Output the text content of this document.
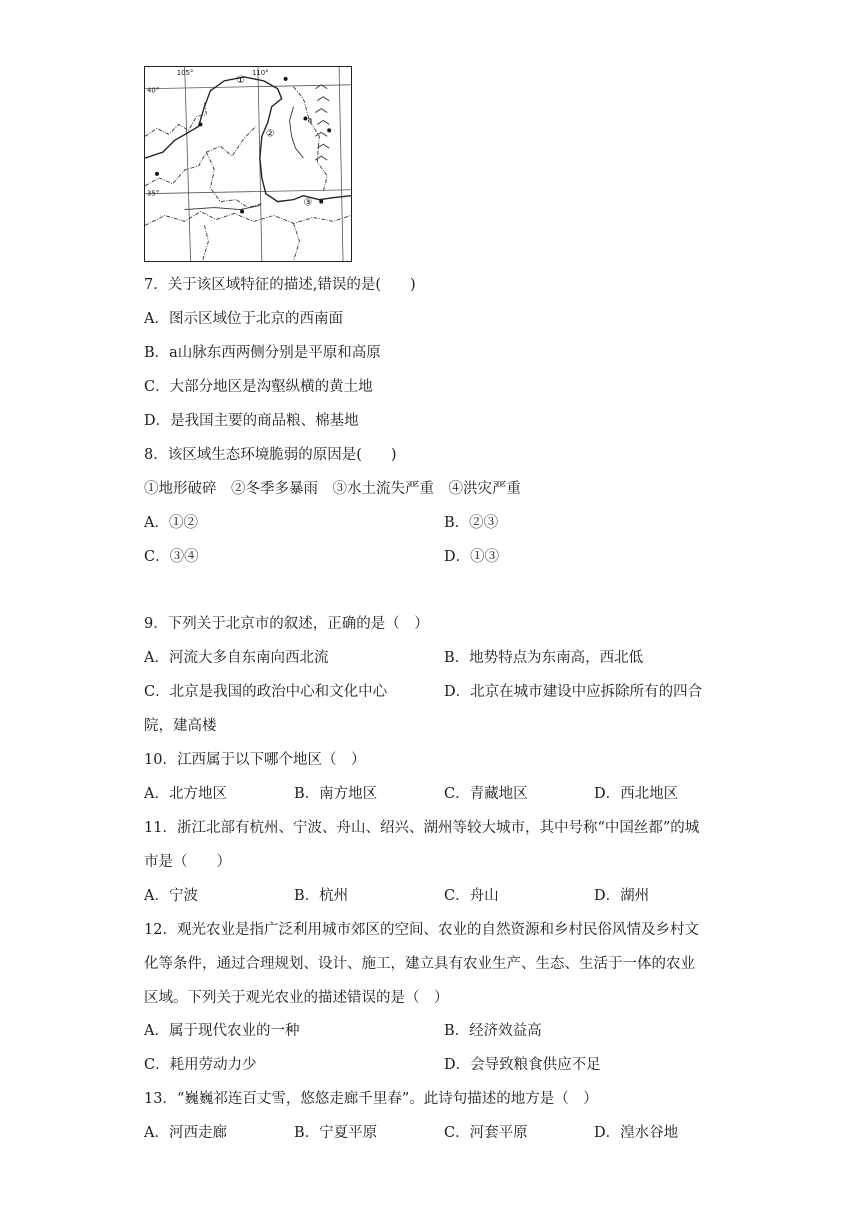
105°	110°
40°
35°
①
②
③
a
7．关于该区域特征的描述,错误的是(　　)
A．图示区域位于北京的西南面
B．a山脉东西两侧分别是平原和高原
C．大部分地区是沟壑纵横的黄土地
D．是我国主要的商品粮、棉基地
8．该区域生态环境脆弱的原因是(　　)
①地形破碎　②冬季多暴雨　③水土流失严重　④洪灾严重
A．①②	B．②③
C．③④	D．①③
9．下列关于北京市的叙述，正确的是（　）
A．河流大多自东南向西北流	B．地势特点为东南高，西北低
C．北京是我国的政治中心和文化中心	D．北京在城市建设中应拆除所有的四合
院，建高楼
10．江西属于以下哪个地区（　）
A．北方地区	B．南方地区	C．青藏地区	D．西北地区
11．浙江北部有杭州、宁波、舟山、绍兴、湖州等较大城市，其中号称“中国丝都”的城
市是（　　）
A．宁波	B．杭州	C．舟山	D．湖州
12．观光农业是指广泛利用城市郊区的空间、农业的自然资源和乡村民俗风情及乡村文
化等条件，通过合理规划、设计、施工，建立具有农业生产、生态、生活于一体的农业
区域。下列关于观光农业的描述错误的是（　）
A．属于现代农业的一种	B．经济效益高
C．耗用劳动力少	D．会导致粮食供应不足
13．“巍巍祁连百丈雪，悠悠走廊千里春”。此诗句描述的地方是（　）
A．河西走廊	B．宁夏平原	C．河套平原	D．湟水谷地
